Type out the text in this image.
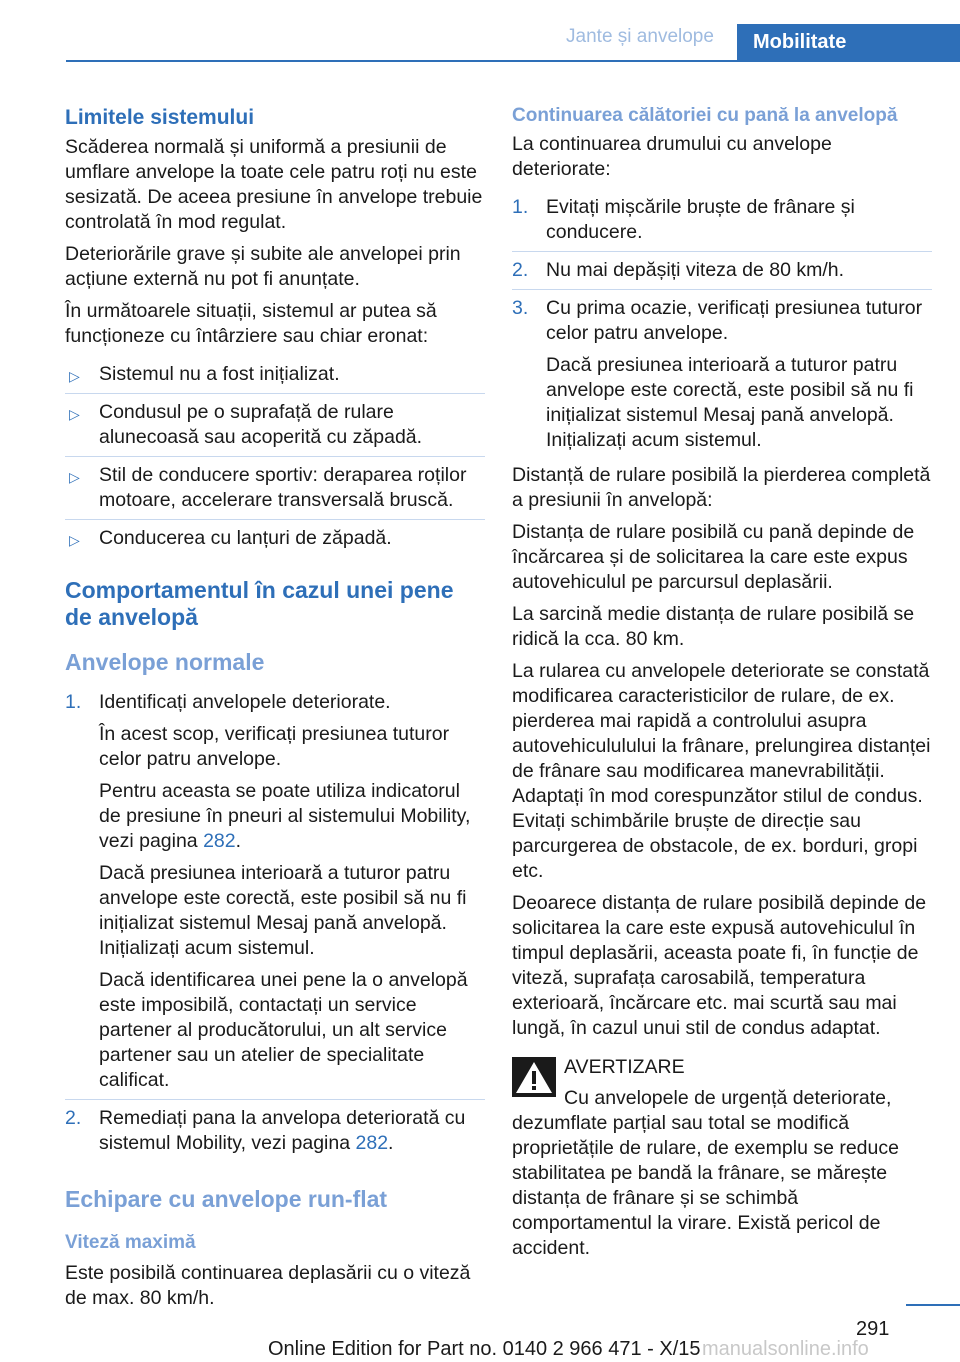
Jante și anvelope	Mobilitate
Limitele sistemului

Scăderea normală și uniformă a presiunii de umflare anvelope la toate cele patru roți nu este sesizată. De aceea presiune în anvelope trebuie controlată în mod regulat.

Deteriorările grave și subite ale anvelopei prin acțiune externă nu pot fi anunțate.

În următoarele situații, sistemul ar putea să funcționeze cu întârziere sau chiar eronat:

▷ Sistemul nu a fost inițializat.
▷ Condusul pe o suprafață de rulare alunecoasă sau acoperită cu zăpadă.
▷ Stil de conducere sportiv: deraparea roților motoare, accelerare transversală bruscă.
▷ Conducerea cu lanțuri de zăpadă.
Comportamentul în cazul unei pene de anvelopă
Anvelope normale
1. Identificați anvelopele deteriorate.

În acest scop, verificați presiunea tuturor celor patru anvelope.

Pentru aceasta se poate utiliza indicatorul de presiune în pneuri al sistemului Mobility, vezi pagina 282.

Dacă presiunea interioară a tuturor patru anvelope este corectă, este posibil să nu fi inițializat sistemul Mesaj pană anvelopă. Inițializați acum sistemul.

Dacă identificarea unei pene la o anvelopă este imposibilă, contactați un service partener al producătorului, un alt service partener sau un atelier de specialitate calificat.

2. Remediați pana la anvelopa deteriorată cu sistemul Mobility, vezi pagina 282.

Echipare cu anvelope run-flat
Viteză maximă

Este posibilă continuarea deplasării cu o viteză de max. 80 km/h.

Continuarea călătoriei cu pană la anvelopă

La continuarea drumului cu anvelope deteriorate:

1. Evitați mișcările bruște de frânare și conducere.

2. Nu mai depășiți viteza de 80 km/h.

3. Cu prima ocazie, verificați presiunea tuturor celor patru anvelope.

Dacă presiunea interioară a tuturor patru anvelope este corectă, este posibil să nu fi inițializat sistemul Mesaj pană anvelopă. Inițializați acum sistemul.

Distanță de rulare posibilă la pierderea completă a presiunii în anvelopă:

Distanța de rulare posibilă cu pană depinde de încărcarea și de solicitarea la care este expus autovehiculul pe parcursul deplasării.

La sarcină medie distanța de rulare posibilă se ridică la cca. 80 km.

La rularea cu anvelopele deteriorate se constată modificarea caracteristicilor de rulare, de ex. pierderea mai rapidă a controlului asupra autovehicululului la frânare, prelungirea distanței de frânare sau modificarea manevrabilității. Adaptați în mod corespunzător stilul de condus. Evitați schimbările bruște de direcție sau parcurgerea de obstacole, de ex. borduri, gropi etc.

Deoarece distanța de rulare posibilă depinde de solicitarea la care este expusă autovehiculul în timpul deplasării, aceasta poate fi, în funcție de viteză, suprafața carosabilă, temperatura exterioară, încărcare etc. mai scurtă sau mai lungă, în cazul unui stil de condus adaptat.

AVERTIZARE
Cu anvelopele de urgență deteriorate, dezumflate parțial sau total se modifică proprietățile de rulare, de exemplu se reduce stabilitatea pe bandă la frânare, se mărește distanța de frânare și se schimbă comportamentul la virare. Există pericol de accident.
291
Online Edition for Part no. 0140 2 966 471 - X/15 manualsonline.info
